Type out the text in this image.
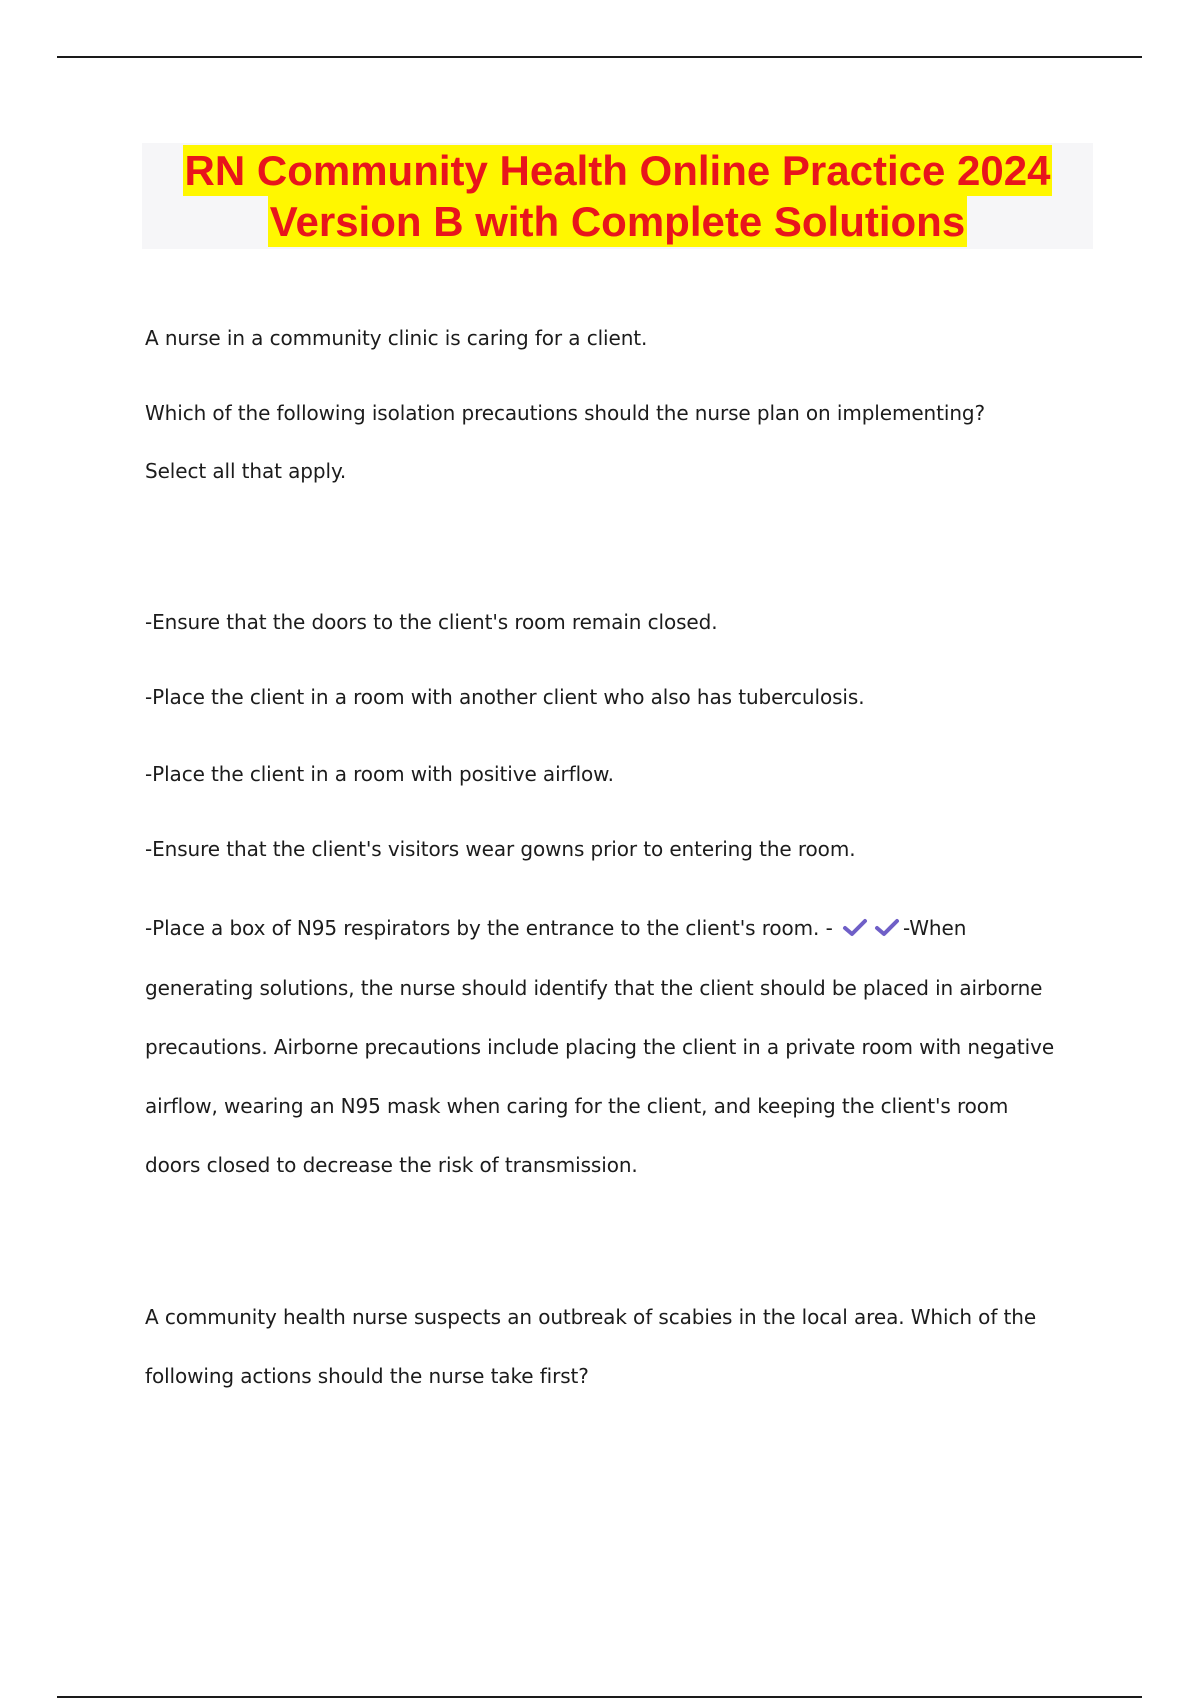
RN Community Health Online Practice 2024
Version B with Complete Solutions
A nurse in a community clinic is caring for a client.
Which of the following isolation precautions should the nurse plan on implementing?
Select all that apply.
-Ensure that the doors to the client's room remain closed.
-Place the client in a room with another client who also has tuberculosis.
-Place the client in a room with positive airflow.
-Ensure that the client's visitors wear gowns prior to entering the room.
-Place a box of N95 respirators by the entrance to the client's room. -	-When
generating solutions, the nurse should identify that the client should be placed in airborne
precautions. Airborne precautions include placing the client in a private room with negative
airflow, wearing an N95 mask when caring for the client, and keeping the client's room
doors closed to decrease the risk of transmission.
A community health nurse suspects an outbreak of scabies in the local area. Which of the
following actions should the nurse take first?
